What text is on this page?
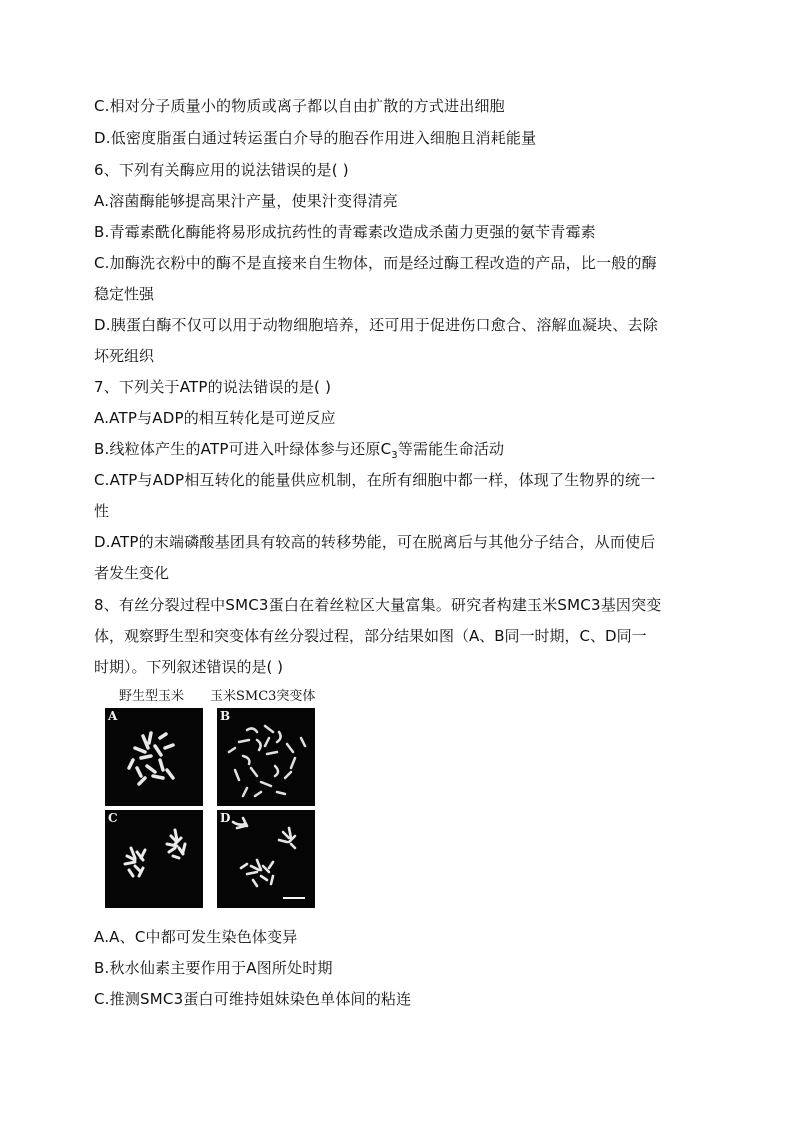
C.相对分子质量小的物质或离子都以自由扩散的方式进出细胞
D.低密度脂蛋白通过转运蛋白介导的胞吞作用进入细胞且消耗能量
6、下列有关酶应用的说法错误的是( )
A.溶菌酶能够提高果汁产量，使果汁变得清亮
B.青霉素酰化酶能将易形成抗药性的青霉素改造成杀菌力更强的氨苄青霉素
C.加酶洗衣粉中的酶不是直接来自生物体，而是经过酶工程改造的产品，比一般的酶
稳定性强
D.胰蛋白酶不仅可以用于动物细胞培养，还可用于促进伤口愈合、溶解血凝块、去除
坏死组织
7、下列关于ATP的说法错误的是( )
A.ATP与ADP的相互转化是可逆反应
B.线粒体产生的ATP可进入叶绿体参与还原$C_3$等需能生命活动
C.ATP与ADP相互转化的能量供应机制，在所有细胞中都一样，体现了生物界的统一
性
D.ATP的末端磷酸基团具有较高的转移势能，可在脱离后与其他分子结合，从而使后
者发生变化
8、有丝分裂过程中SMC3蛋白在着丝粒区大量富集。研究者构建玉米SMC3基因突变
体，观察野生型和突变体有丝分裂过程，部分结果如图（A、B同一时期，C、D同一
时期）。下列叙述错误的是( )
野生型玉米 玉米SMC3突变体
A	B
C	D
A.A、C中都可发生染色体变异
B.秋水仙素主要作用于A图所处时期
C.推测SMC3蛋白可维持姐妹染色单体间的粘连
